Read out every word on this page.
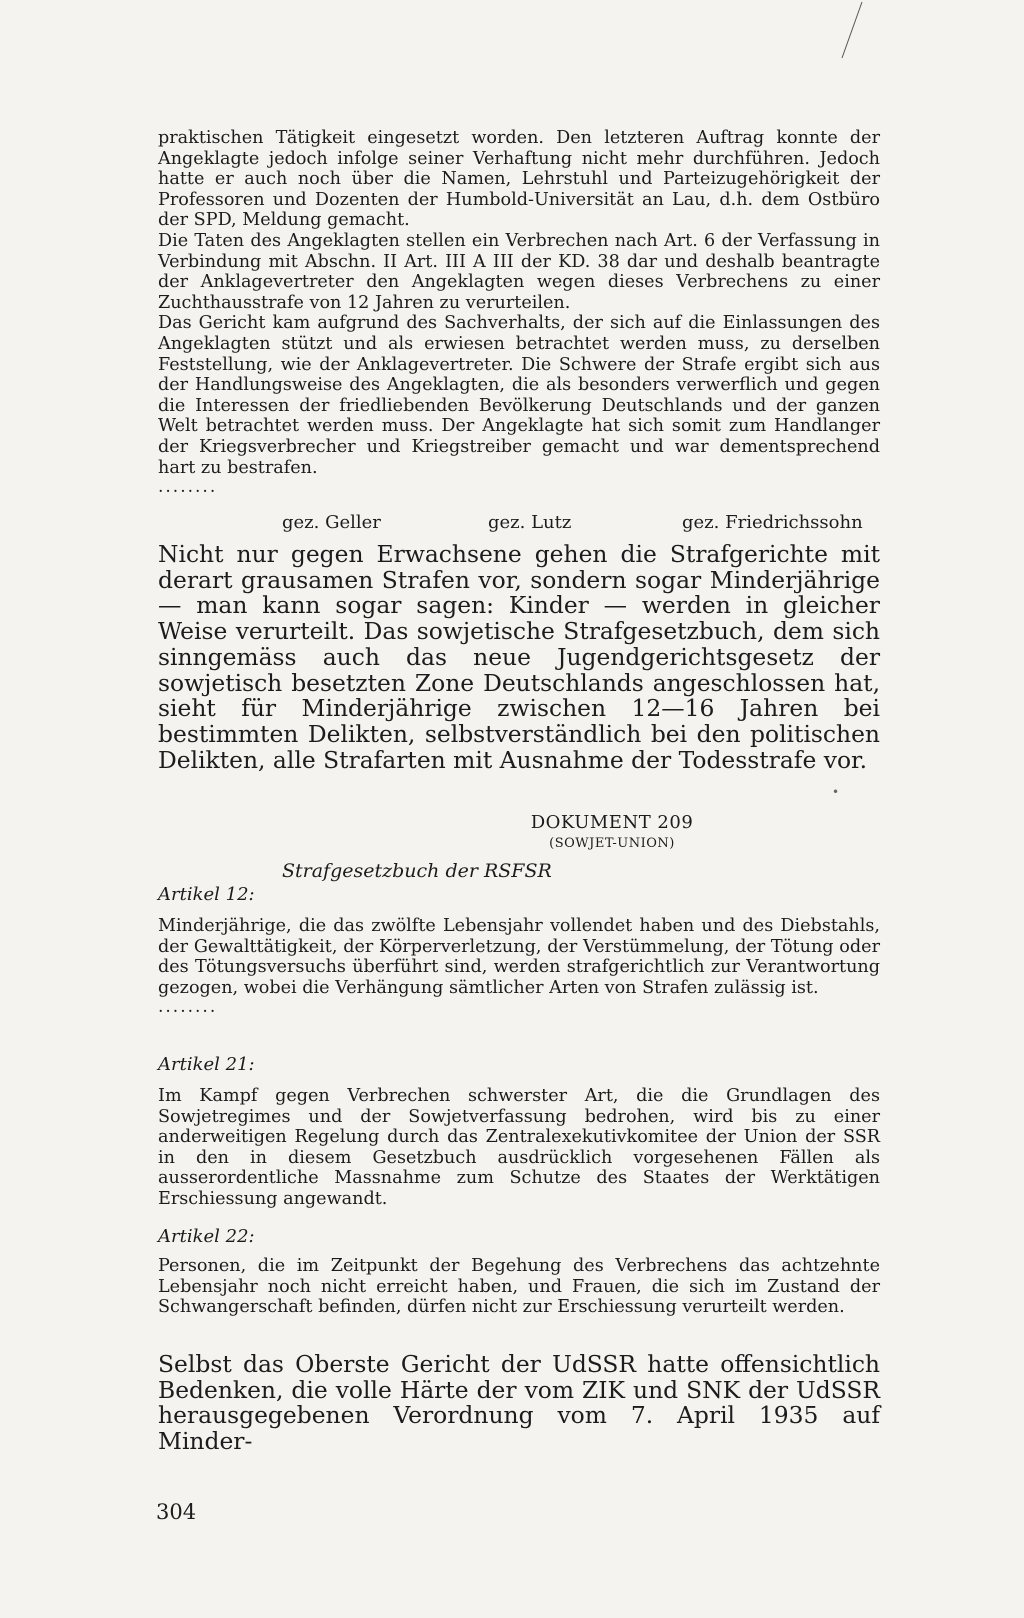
praktischen Tätigkeit eingesetzt worden. Den letzteren Auftrag konnte der Angeklagte jedoch infolge seiner Verhaftung nicht mehr durchführen. Jedoch hatte er auch noch über die Namen, Lehrstuhl und Parteizugehörigkeit der Professoren und Dozenten der Humbold-Universität an Lau, d.h. dem Ostbüro der SPD, Meldung gemacht.

Die Taten des Angeklagten stellen ein Verbrechen nach Art. 6 der Verfassung in Verbindung mit Abschn. II Art. III A III der KD. 38 dar und deshalb beantragte der Anklagevertreter den Angeklagten wegen dieses Verbrechens zu einer Zuchthausstrafe von 12 Jahren zu verurteilen.

Das Gericht kam aufgrund des Sachverhalts, der sich auf die Einlassungen des Angeklagten stützt und als erwiesen betrachtet werden muss, zu derselben Feststellung, wie der Anklagevertreter. Die Schwere der Strafe ergibt sich aus der Handlungsweise des Angeklagten, die als besonders verwerflich und gegen die Interessen der friedliebenden Bevölkerung Deutschlands und der ganzen Welt betrachtet werden muss. Der Angeklagte hat sich somit zum Handlanger der Kriegsverbrecher und Kriegstreiber gemacht und war dementsprechend hart zu bestrafen.

........
gez. Geller	gez. Lutz	gez. Friedrichssohn
Nicht nur gegen Erwachsene gehen die Strafgerichte mit derart grausamen Strafen vor, sondern sogar Minderjährige — man kann sogar sagen: Kinder — werden in gleicher Weise verurteilt. Das sowjetische Strafgesetzbuch, dem sich sinngemäss auch das neue Jugendgerichtsgesetz der sowjetisch besetzten Zone Deutschlands angeschlossen hat, sieht für Minderjährige zwischen 12—16 Jahren bei bestimmten Delikten, selbstverständlich bei den politischen Delikten, alle Strafarten mit Ausnahme der Todesstrafe vor.
•
DOKUMENT 209
(SOWJET-UNION)
Strafgesetzbuch der RSFSR
Artikel 12:

Minderjährige, die das zwölfte Lebensjahr vollendet haben und des Diebstahls, der Gewalttätigkeit, der Körperverletzung, der Verstümmelung, der Tötung oder des Tötungsversuchs überführt sind, werden strafgerichtlich zur Verantwortung gezogen, wobei die Verhängung sämtlicher Arten von Strafen zulässig ist.

........
Artikel 21:

Im Kampf gegen Verbrechen schwerster Art, die die Grundlagen des Sowjetregimes und der Sowjetverfassung bedrohen, wird bis zu einer anderweitigen Regelung durch das Zentralexekutivkomitee der Union der SSR in den in diesem Gesetzbuch ausdrücklich vorgesehenen Fällen als ausserordentliche Massnahme zum Schutze des Staates der Werktätigen Erschiessung angewandt.

Artikel 22:

Personen, die im Zeitpunkt der Begehung des Verbrechens das achtzehnte Lebensjahr noch nicht erreicht haben, und Frauen, die sich im Zustand der Schwangerschaft befinden, dürfen nicht zur Erschiessung verurteilt werden.

Selbst das Oberste Gericht der UdSSR hatte offensichtlich Bedenken, die volle Härte der vom ZIK und SNK der UdSSR herausgegebenen Verordnung vom 7. April 1935 auf Minder-
304
